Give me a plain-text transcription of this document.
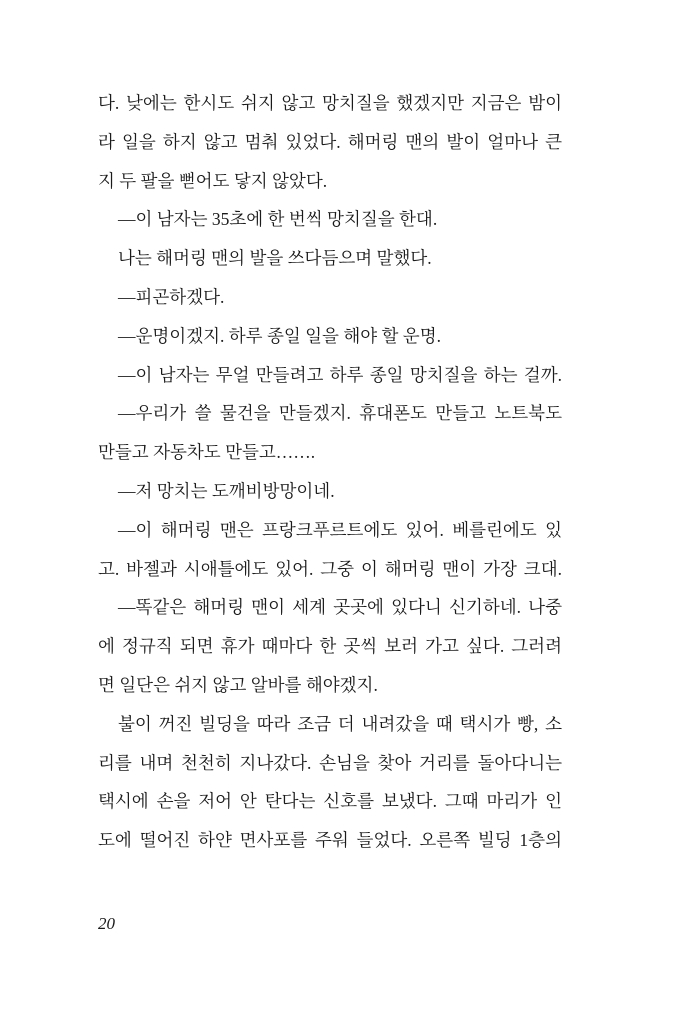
다. 낮에는 한시도 쉬지 않고 망치질을 했겠지만 지금은 밤이
라 일을 하지 않고 멈춰 있었다. 해머링 맨의 발이 얼마나 큰
지 두 팔을 뻗어도 닿지 않았다.
—이 남자는 35초에 한 번씩 망치질을 한대.
나는 해머링 맨의 발을 쓰다듬으며 말했다.
—피곤하겠다.
—운명이겠지. 하루 종일 일을 해야 할 운명.
—이 남자는 무얼 만들려고 하루 종일 망치질을 하는 걸까.
—우리가 쓸 물건을 만들겠지. 휴대폰도 만들고 노트북도
만들고 자동차도 만들고…….
—저 망치는 도깨비방망이네.
—이 해머링 맨은 프랑크푸르트에도 있어. 베를린에도 있
고. 바젤과 시애틀에도 있어. 그중 이 해머링 맨이 가장 크대.
—똑같은 해머링 맨이 세계 곳곳에 있다니 신기하네. 나중
에 정규직 되면 휴가 때마다 한 곳씩 보러 가고 싶다. 그러려
면 일단은 쉬지 않고 알바를 해야겠지.
불이 꺼진 빌딩을 따라 조금 더 내려갔을 때 택시가 빵, 소
리를 내며 천천히 지나갔다. 손님을 찾아 거리를 돌아다니는
택시에 손을 저어 안 탄다는 신호를 보냈다. 그때 마리가 인
도에 떨어진 하얀 면사포를 주워 들었다. 오른쪽 빌딩 1층의
20
